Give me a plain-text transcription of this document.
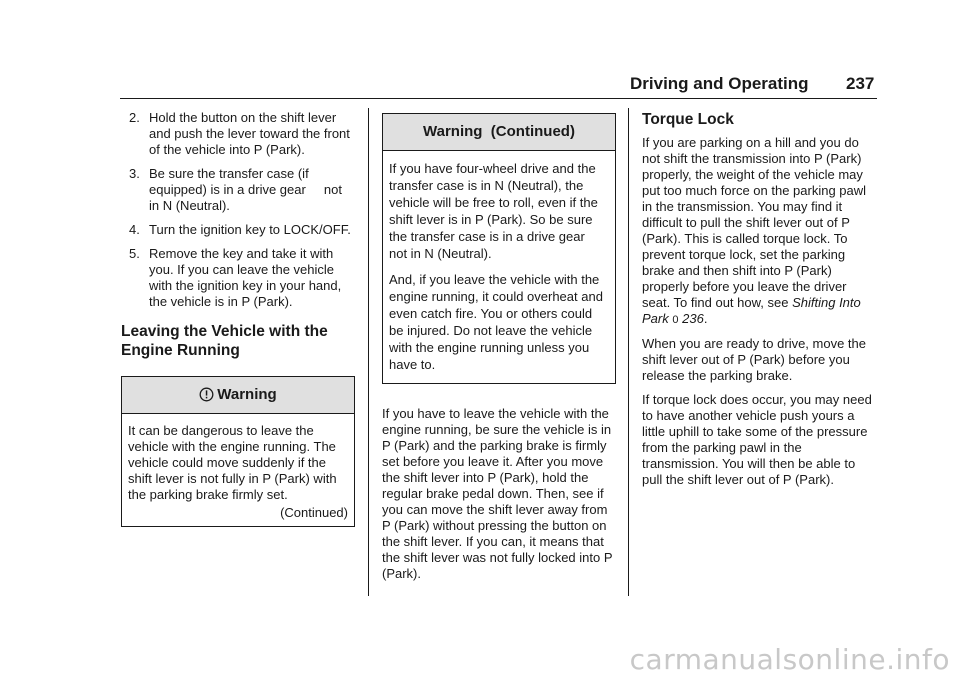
Driving and Operating 237
2. Hold the button on the shift lever and push the lever toward the front of the vehicle into P (Park).
3. Be sure the transfer case (if equipped) is in a drive gear     not in N (Neutral).
4. Turn the ignition key to LOCK/OFF.
5. Remove the key and take it with you. If you can leave the vehicle with the ignition key in your hand, the vehicle is in P (Park).
Leaving the Vehicle with the Engine Running
Warning

It can be dangerous to leave the vehicle with the engine running. The vehicle could move suddenly if the shift lever is not fully in P (Park) with the parking brake firmly set.

(Continued)
Warning  (Continued)

If you have four-wheel drive and the transfer case is in N (Neutral), the vehicle will be free to roll, even if the shift lever is in P (Park). So be sure the transfer case is in a drive gear    not in N (Neutral).

And, if you leave the vehicle with the engine running, it could overheat and even catch fire. You or others could be injured. Do not leave the vehicle with the engine running unless you have to.

If you have to leave the vehicle with the engine running, be sure the vehicle is in P (Park) and the parking brake is firmly set before you leave it. After you move the shift lever into P (Park), hold the regular brake pedal down. Then, see if you can move the shift lever away from P (Park) without pressing the button on the shift lever. If you can, it means that the shift lever was not fully locked into P (Park).

Torque Lock

If you are parking on a hill and you do not shift the transmission into P (Park) properly, the weight of the vehicle may put too much force on the parking pawl in the transmission. You may find it difficult to pull the shift lever out of P (Park). This is called torque lock. To prevent torque lock, set the parking brake and then shift into P (Park) properly before you leave the driver seat. To find out how, see Shifting Into Park 0 236.

When you are ready to drive, move the shift lever out of P (Park) before you release the parking brake.

If torque lock does occur, you may need to have another vehicle push yours a little uphill to take some of the pressure from the parking pawl in the transmission. You will then be able to pull the shift lever out of P (Park).

carmanualsonline.info
